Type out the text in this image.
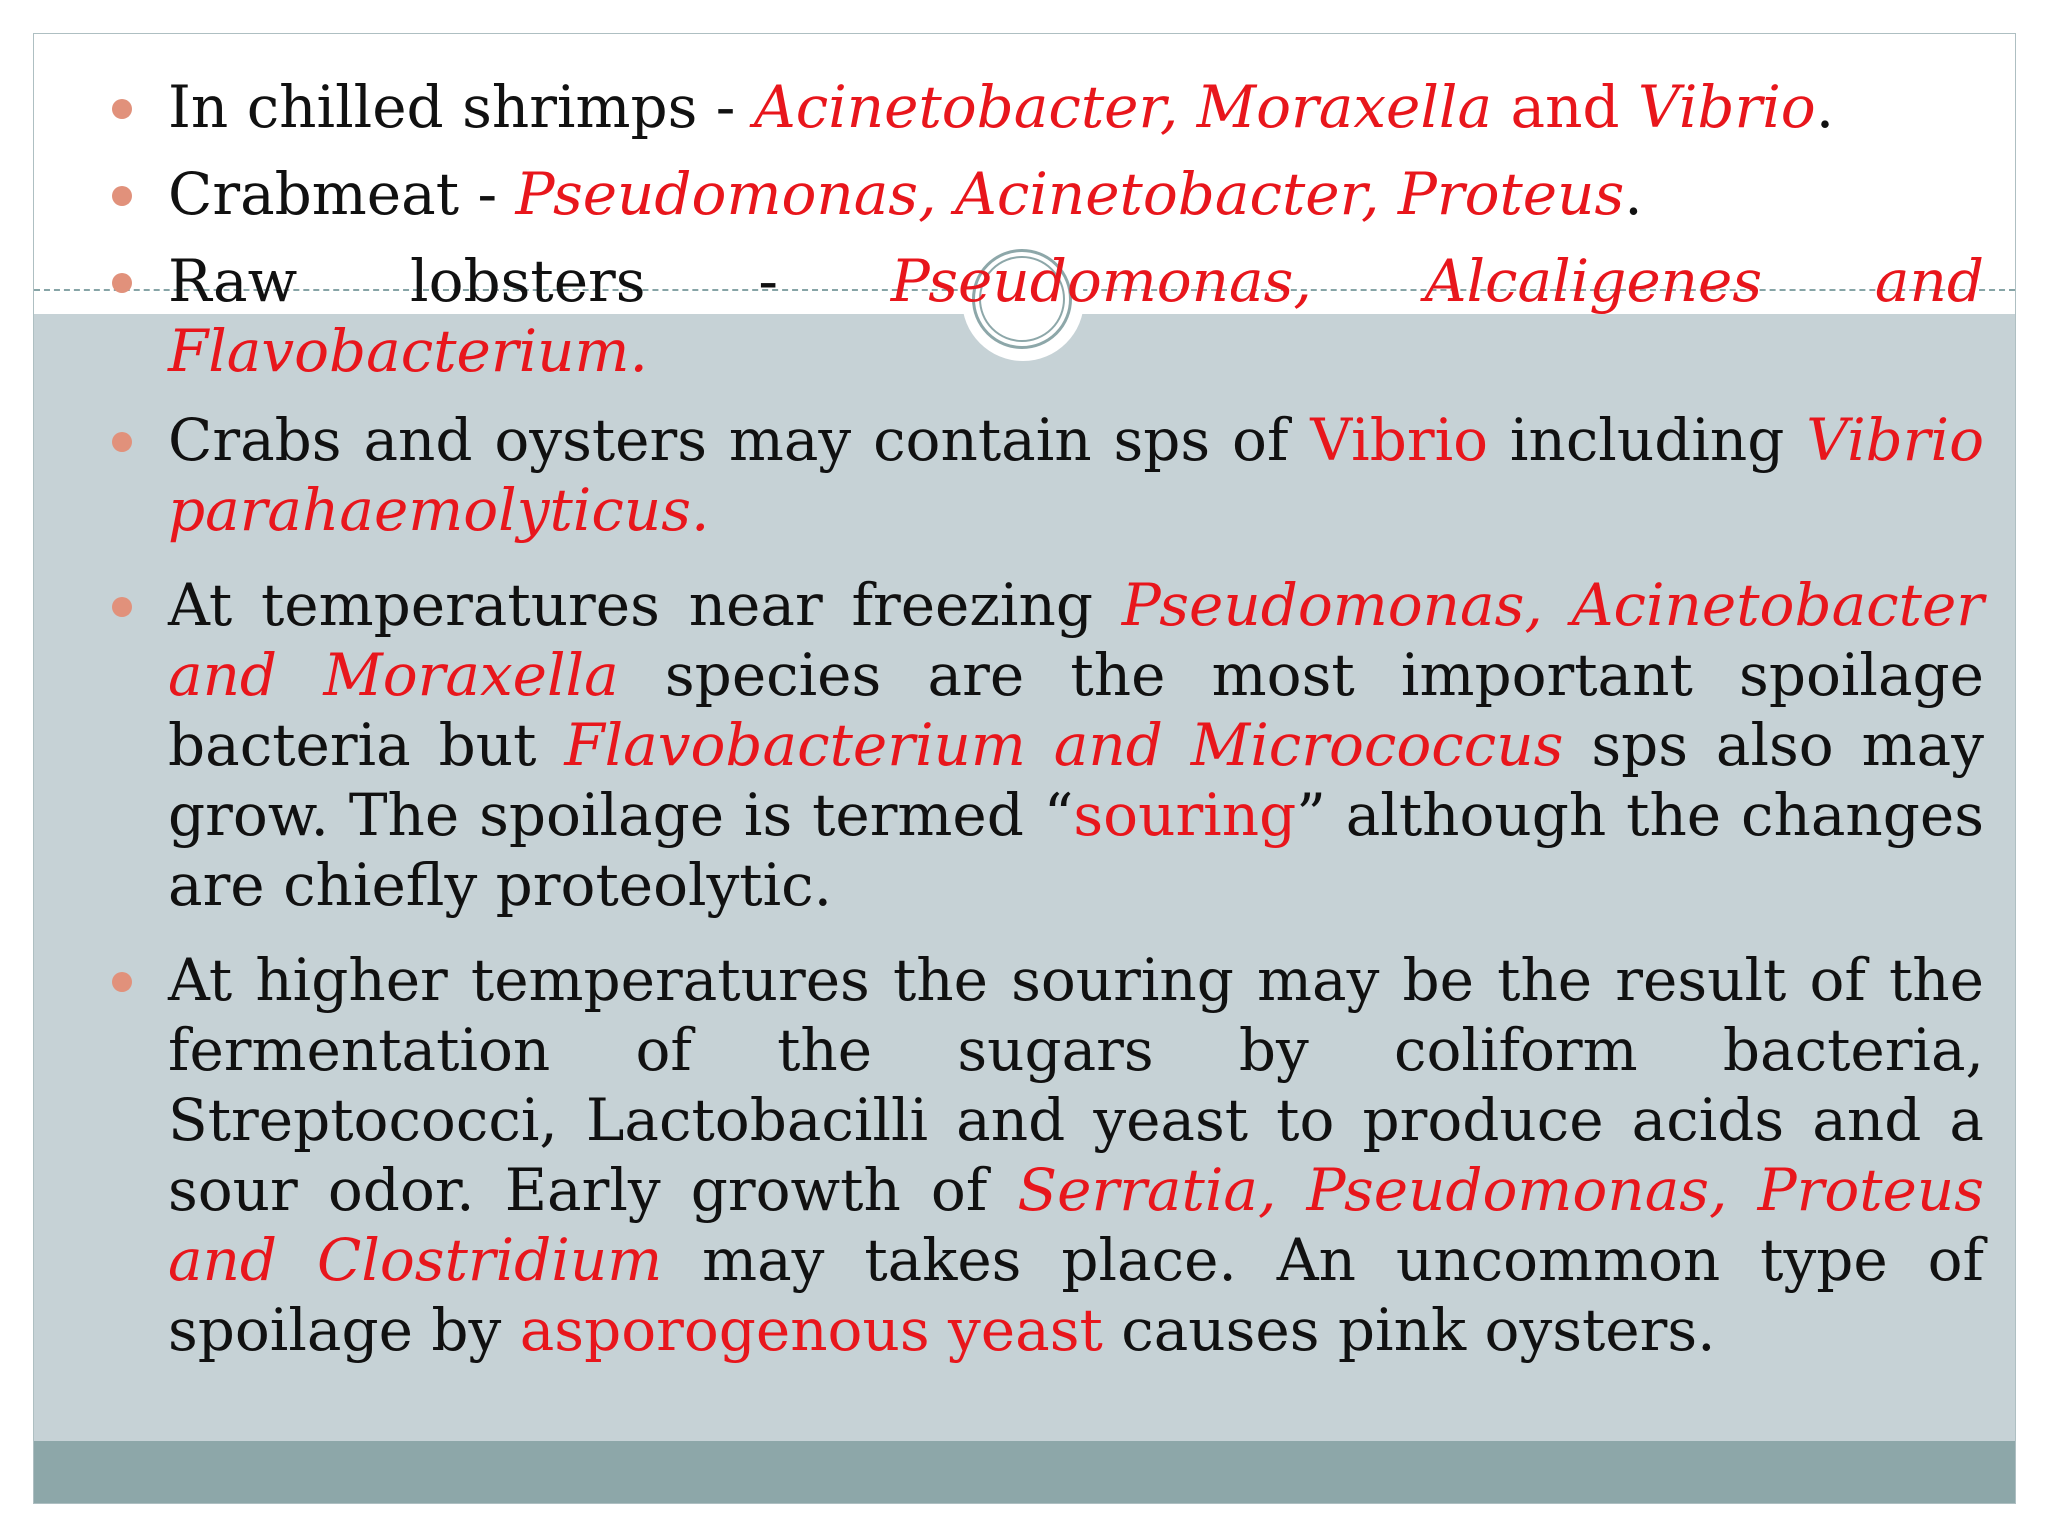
In chilled shrimps - Acinetobacter, Moraxella and Vibrio.
Crabmeat - Pseudomonas, Acinetobacter, Proteus.
Raw lobsters - Pseudomonas, Alcaligenes and Flavobacterium.
Crabs and oysters may contain sps of Vibrio including Vibrio parahaemolyticus.
At temperatures near freezing Pseudomonas, Acinetobacter and Moraxella species are the most important spoilage bacteria but Flavobacterium and Micrococcus sps also may grow. The spoilage is termed “souring” although the changes are chiefly proteolytic.
At higher temperatures the souring may be the result of the fermentation of the sugars by coliform bacteria, Streptococci, Lactobacilli and yeast to produce acids and a sour odor. Early growth of Serratia, Pseudomonas, Proteus and Clostridium may takes place. An uncommon type of spoilage by asporogenous yeast causes pink oysters.
